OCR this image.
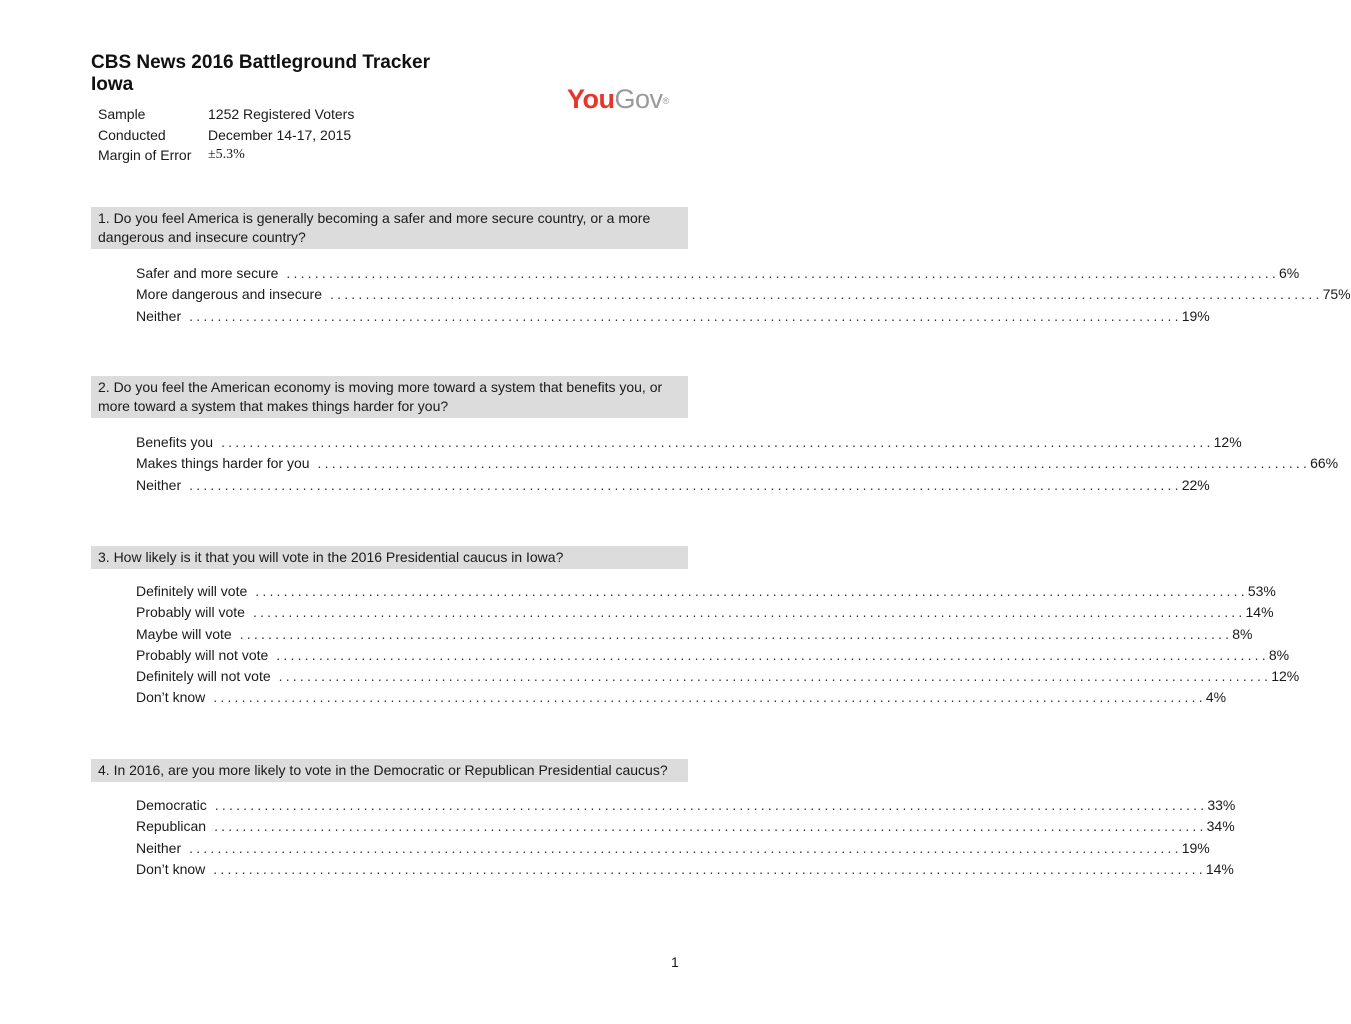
CBS News 2016 Battleground Tracker
Iowa	YouGov®
Sample	1252 Registered Voters
Conducted	December 14-17, 2015
Margin of Error	±5.3%
1. Do you feel America is generally becoming a safer and more secure country, or a more dangerous and insecure country?
Safer and more secure ............................................................................................................................................ 6%
More dangerous and insecure ............................................................................................................................................ 75%
Neither ............................................................................................................................................ 19%
2. Do you feel the American economy is moving more toward a system that benefits you, or more toward a system that makes things harder for you?
Benefits you ............................................................................................................................................ 12%
Makes things harder for you ............................................................................................................................................ 66%
Neither ............................................................................................................................................ 22%
3. How likely is it that you will vote in the 2016 Presidential caucus in Iowa?
Definitely will vote ............................................................................................................................................ 53%
Probably will vote ............................................................................................................................................ 14%
Maybe will vote ............................................................................................................................................ 8%
Probably will not vote ............................................................................................................................................ 8%
Definitely will not vote ............................................................................................................................................ 12%
Don’t know ............................................................................................................................................ 4%
4. In 2016, are you more likely to vote in the Democratic or Republican Presidential caucus?
Democratic ............................................................................................................................................ 33%
Republican ............................................................................................................................................ 34%
Neither ............................................................................................................................................ 19%
Don’t know ............................................................................................................................................ 14%
1
